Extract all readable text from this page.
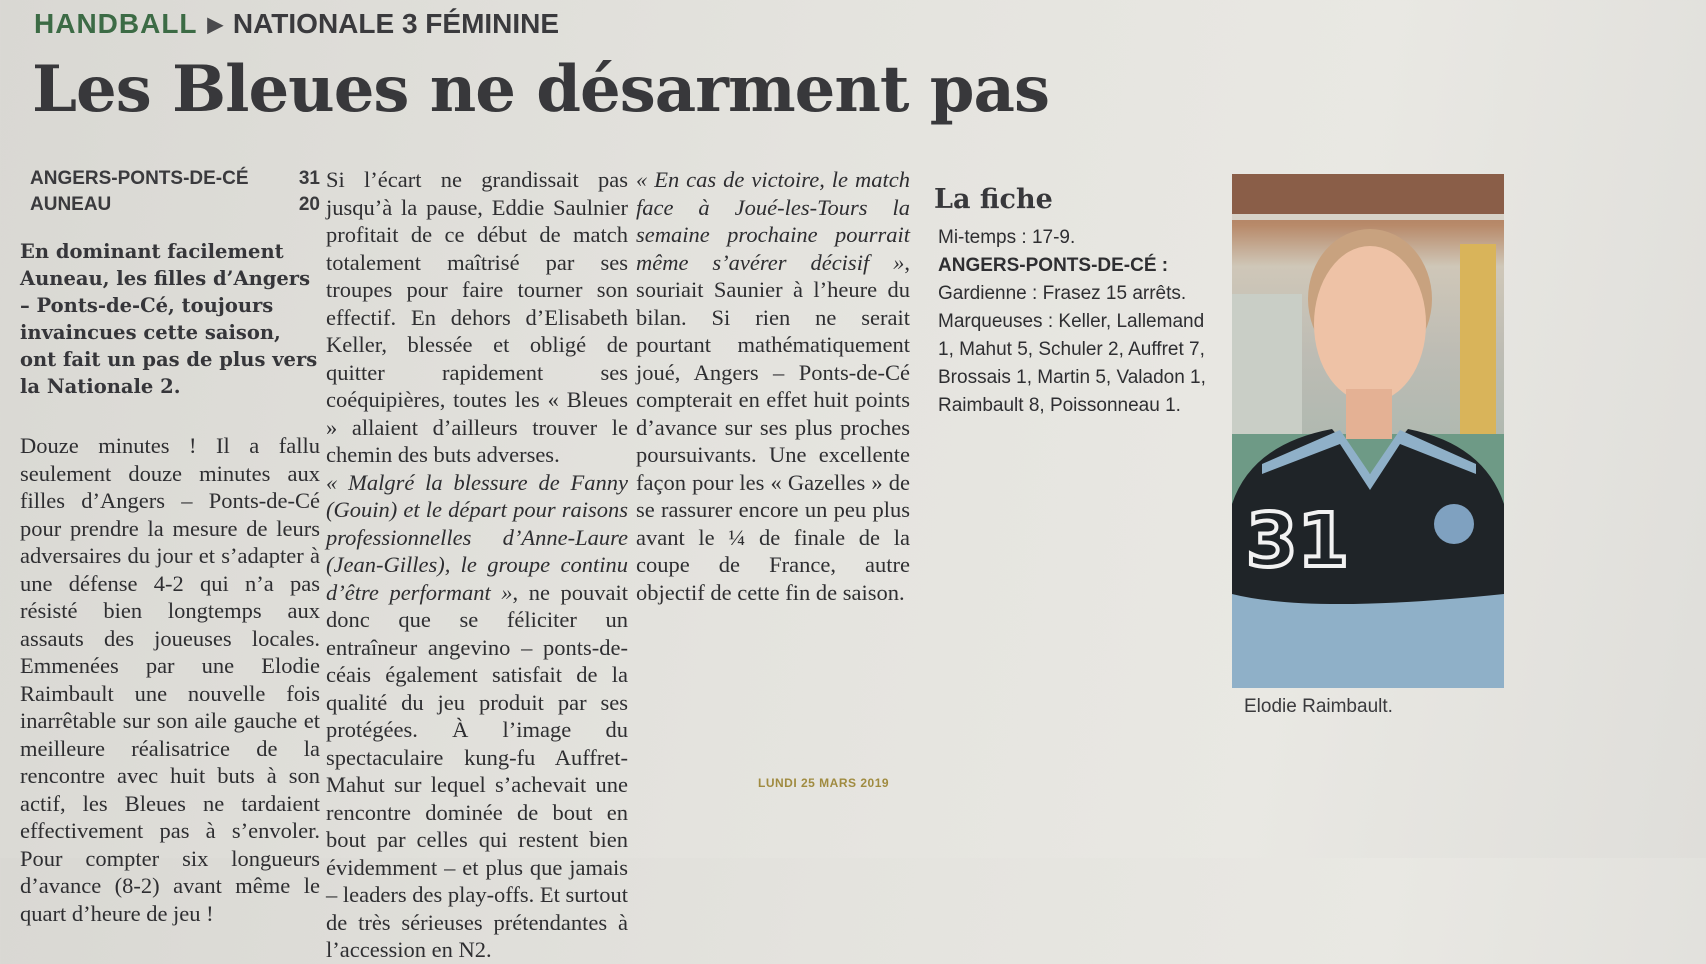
HANDBALL ▶ NATIONALE 3 FÉMININE
Les Bleues ne désarment pas
ANGERS-PONTS-DE-CÉ	31
AUNEAU	20

En dominant facilement Auneau, les filles d’Angers – Ponts-de-Cé, toujours invaincues cette saison, ont fait un pas de plus vers la Nationale 2.

Douze minutes ! Il a fallu seulement douze minutes aux filles d’Angers – Ponts-de-Cé pour prendre la mesure de leurs adversaires du jour et s’adapter à une défense 4-2 qui n’a pas résisté bien longtemps aux assauts des joueuses locales. Emmenées par une Elodie Raimbault une nouvelle fois inarrêtable sur son aile gauche et meilleure réalisatrice de la rencontre avec huit buts à son actif, les Bleues ne tardaient effectivement pas à s’envoler. Pour compter six longueurs d’avance (8-2) avant même le quart d’heure de jeu !

Si l’écart ne grandissait pas jusqu’à la pause, Eddie Saulnier profitait de ce début de match totalement maîtrisé par ses troupes pour faire tourner son effectif. En dehors d’Elisabeth Keller, blessée et obligé de quitter rapidement ses coéquipières, toutes les « Bleues » allaient d’ailleurs trouver le chemin des buts adverses.

« Malgré la blessure de Fanny (Gouin) et le départ pour raisons professionnelles d’Anne-Laure (Jean-Gilles), le groupe continu d’être performant », ne pouvait donc que se féliciter un entraîneur angevino – ponts-de-céais également satisfait de la qualité du jeu produit par ses protégées. À l’image du spectaculaire kung-fu Auffret-Mahut sur lequel s’achevait une rencontre dominée de bout en bout par celles qui restent bien évidemment – et plus que jamais – leaders des play-offs. Et surtout de très sérieuses prétendantes à l’accession en N2.

« En cas de victoire, le match face à Joué-les-Tours la semaine prochaine pourrait même s’avérer décisif », souriait Saunier à l’heure du bilan. Si rien ne serait pourtant mathématiquement joué, Angers – Ponts-de-Cé compterait en effet huit points d’avance sur ses plus proches poursuivants. Une excellente façon pour les « Gazelles » de se rassurer encore un peu plus avant le ¼ de finale de la coupe de France, autre objectif de cette fin de saison.

La fiche
Mi-temps : 17-9.
ANGERS-PONTS-DE-CÉ :
Gardienne : Frasez 15 arrêts.
Marqueuses : Keller, Lallemand 1, Mahut 5, Schuler 2, Auffret 7, Brossais 1, Martin 5, Valadon 1, Raimbault 8, Poissonneau 1.
31
Elodie Raimbault.
LUNDI 25 MARS 2019
